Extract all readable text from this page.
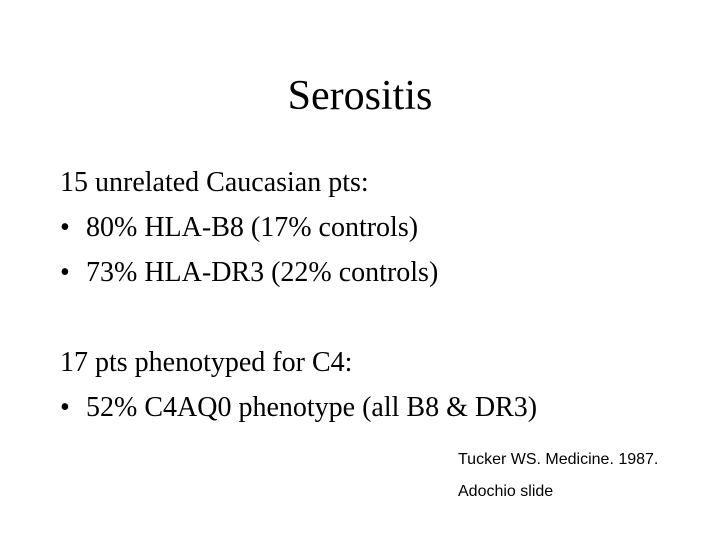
Serositis
15 unrelated Caucasian pts:
• 80% HLA-B8 (17% controls)
• 73% HLA-DR3 (22% controls)
17 pts phenotyped for C4:
• 52% C4AQ0 phenotype (all B8 & DR3)
Tucker WS. Medicine. 1987.
Adochio slide
